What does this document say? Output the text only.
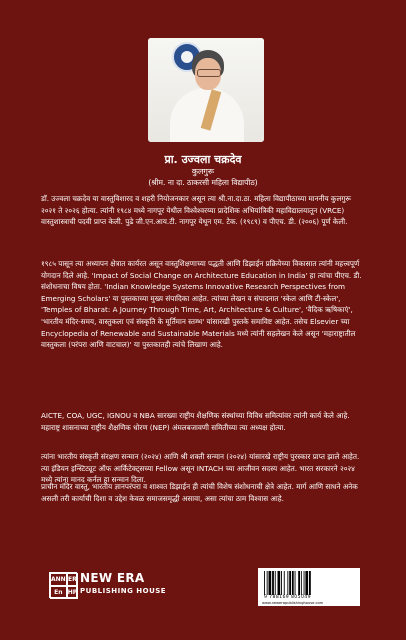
प्रा. उज्वला चक्रदेव
कुलगुरू
(श्रीम. ना दा. ठाकरसी महिला विद्यापीठ)

डॉ. उज्वला चक्रदेव या वास्तुविशारद व शहरी नियोजनकार असून त्या श्री.ना.दा.ठा. महिला विद्यापीठाच्या माननीय कुलगुरू २०२१ ते २०२६ होत्या. त्यांनी १९८४ मध्ये नागपूर येथील विश्वेश्वरय्या प्रादेशिक अभियांत्रिकी महाविद्यालयातून (VRCE) वास्तुशास्त्राची पदवी प्राप्त केली. पुढे जी.एन.आय.टी. नागपूर येथून एम. टेक. (१९८९) व पीएच. डी. (२००६) पूर्ण केली.

१९८५ पासून त्या अध्यापन क्षेत्रात कार्यरत असून वास्तुशिक्षणाच्या पद्धती आणि डिझाईन प्रक्रियेच्या विकासात त्यांनी महत्त्वपूर्ण योगदान दिले आहे. 'Impact of Social Change on Architecture Education in India' हा त्यांचा पीएच. डी. संशोधनाचा विषय होता. 'Indian Knowledge Systems Innovative Research Perspectives from Emerging Scholars' या पुस्तकाच्या मुख्य संपादिका आहेत. त्यांच्या लेखन व संपादनात 'स्केल आणि टी-स्केल', 'Temples of Bharat: A Journey Through Time, Art, Architecture & Culture', 'वैदिक ऋषिकाएं', 'भारतीय मंदिर-समय, वास्तुकला एवं संस्कृति के मूर्तिमान स्तम्भ' यांसारखी पुस्तके समाविष्ट आहेत. तसेच Elsevier च्या Encyclopedia of Renewable and Sustainable Materials मध्ये त्यांनी सहलेखन केले असून 'महाराष्ट्रातील वास्तुकला (परंपरा आणि वाटचाल)' या पुस्तकातही त्यांचे लिखाण आहे.

AICTE, COA, UGC, IGNOU व NBA सारख्या राष्ट्रीय शैक्षणिक संस्थांच्या विविध समित्यांवर त्यांनी कार्य केले आहे. महाराष्ट्र शासनाच्या राष्ट्रीय शैक्षणिक धोरण (NEP) अंमलबजावणी समितीच्या त्या अध्यक्ष होत्या.

त्यांना भारतीय संस्कृती संरक्षण सन्मान (२०२४) आणि श्री शक्ती सन्मान (२०२४) यांसारखे राष्ट्रीय पुरस्कार प्राप्त झाले आहेत. त्या इंडियन इन्स्टिट्यूट ऑफ आर्किटेक्ट्सच्या Fellow असून INTACH च्या आजीवन सदस्य आहेत. भारत सरकारने २०२४ मध्ये त्यांना मानद कर्नल हा सन्मान दिला.

प्राचीन मंदिर वास्तु, भारतीय ज्ञानपरंपरा व शाश्वत डिझाईन ही त्यांची विशेष संशोधनाची क्षेत्रे आहेत. मार्ग आणि साधने अनेक असली तरी कार्याची दिशा व उद्देश केवळ समाजसमृद्धी असावा, असा त्यांचा ठाम विश्वास आहे.

ANN ER
En HP
NEW ERA
PUBLISHING HOUSE
9 788169 805049
www.newerapublishinghouse.com
